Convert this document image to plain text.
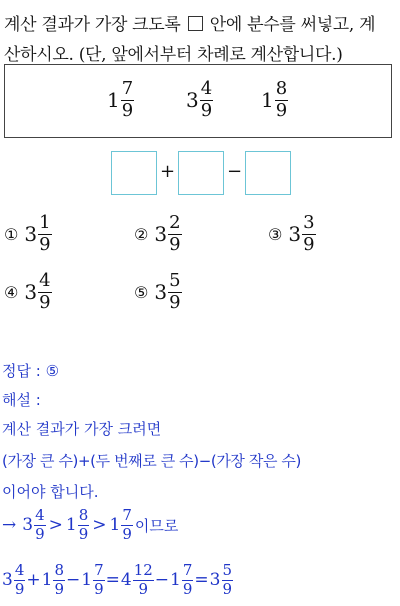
계산 결과가 가장 크도록 안에 분수를 써넣고, 계
산하시오. (단, 앞에서부터 차례로 계산합니다.)
$1 \frac{7}{9}$	$3 \frac{4}{9} 1 \frac{8}{9}$
+	−
① $3 \frac{1}{9}$	② $3 \frac{2}{9}$	③ $3 \frac{3}{9}$
④ $3 \frac{4}{9}$	⑤ $3 \frac{5}{9}$
정답 : ⑤
해설 :
계산 결과가 가장 크려면
(가장 큰 수)+(두 번째로 큰 수)−(가장 작은 수)
이어야 합니다.
→ $3 \frac{4}{9} > 1 \frac{8}{9} > 1 \frac{7}{9}$ 이므로
$3 \frac{4}{9} + 1 \frac{8}{9} - 1 \frac{7}{9} = 4 \frac{12}{9} - 1 \frac{7}{9} = 3 \frac{5}{9}$
